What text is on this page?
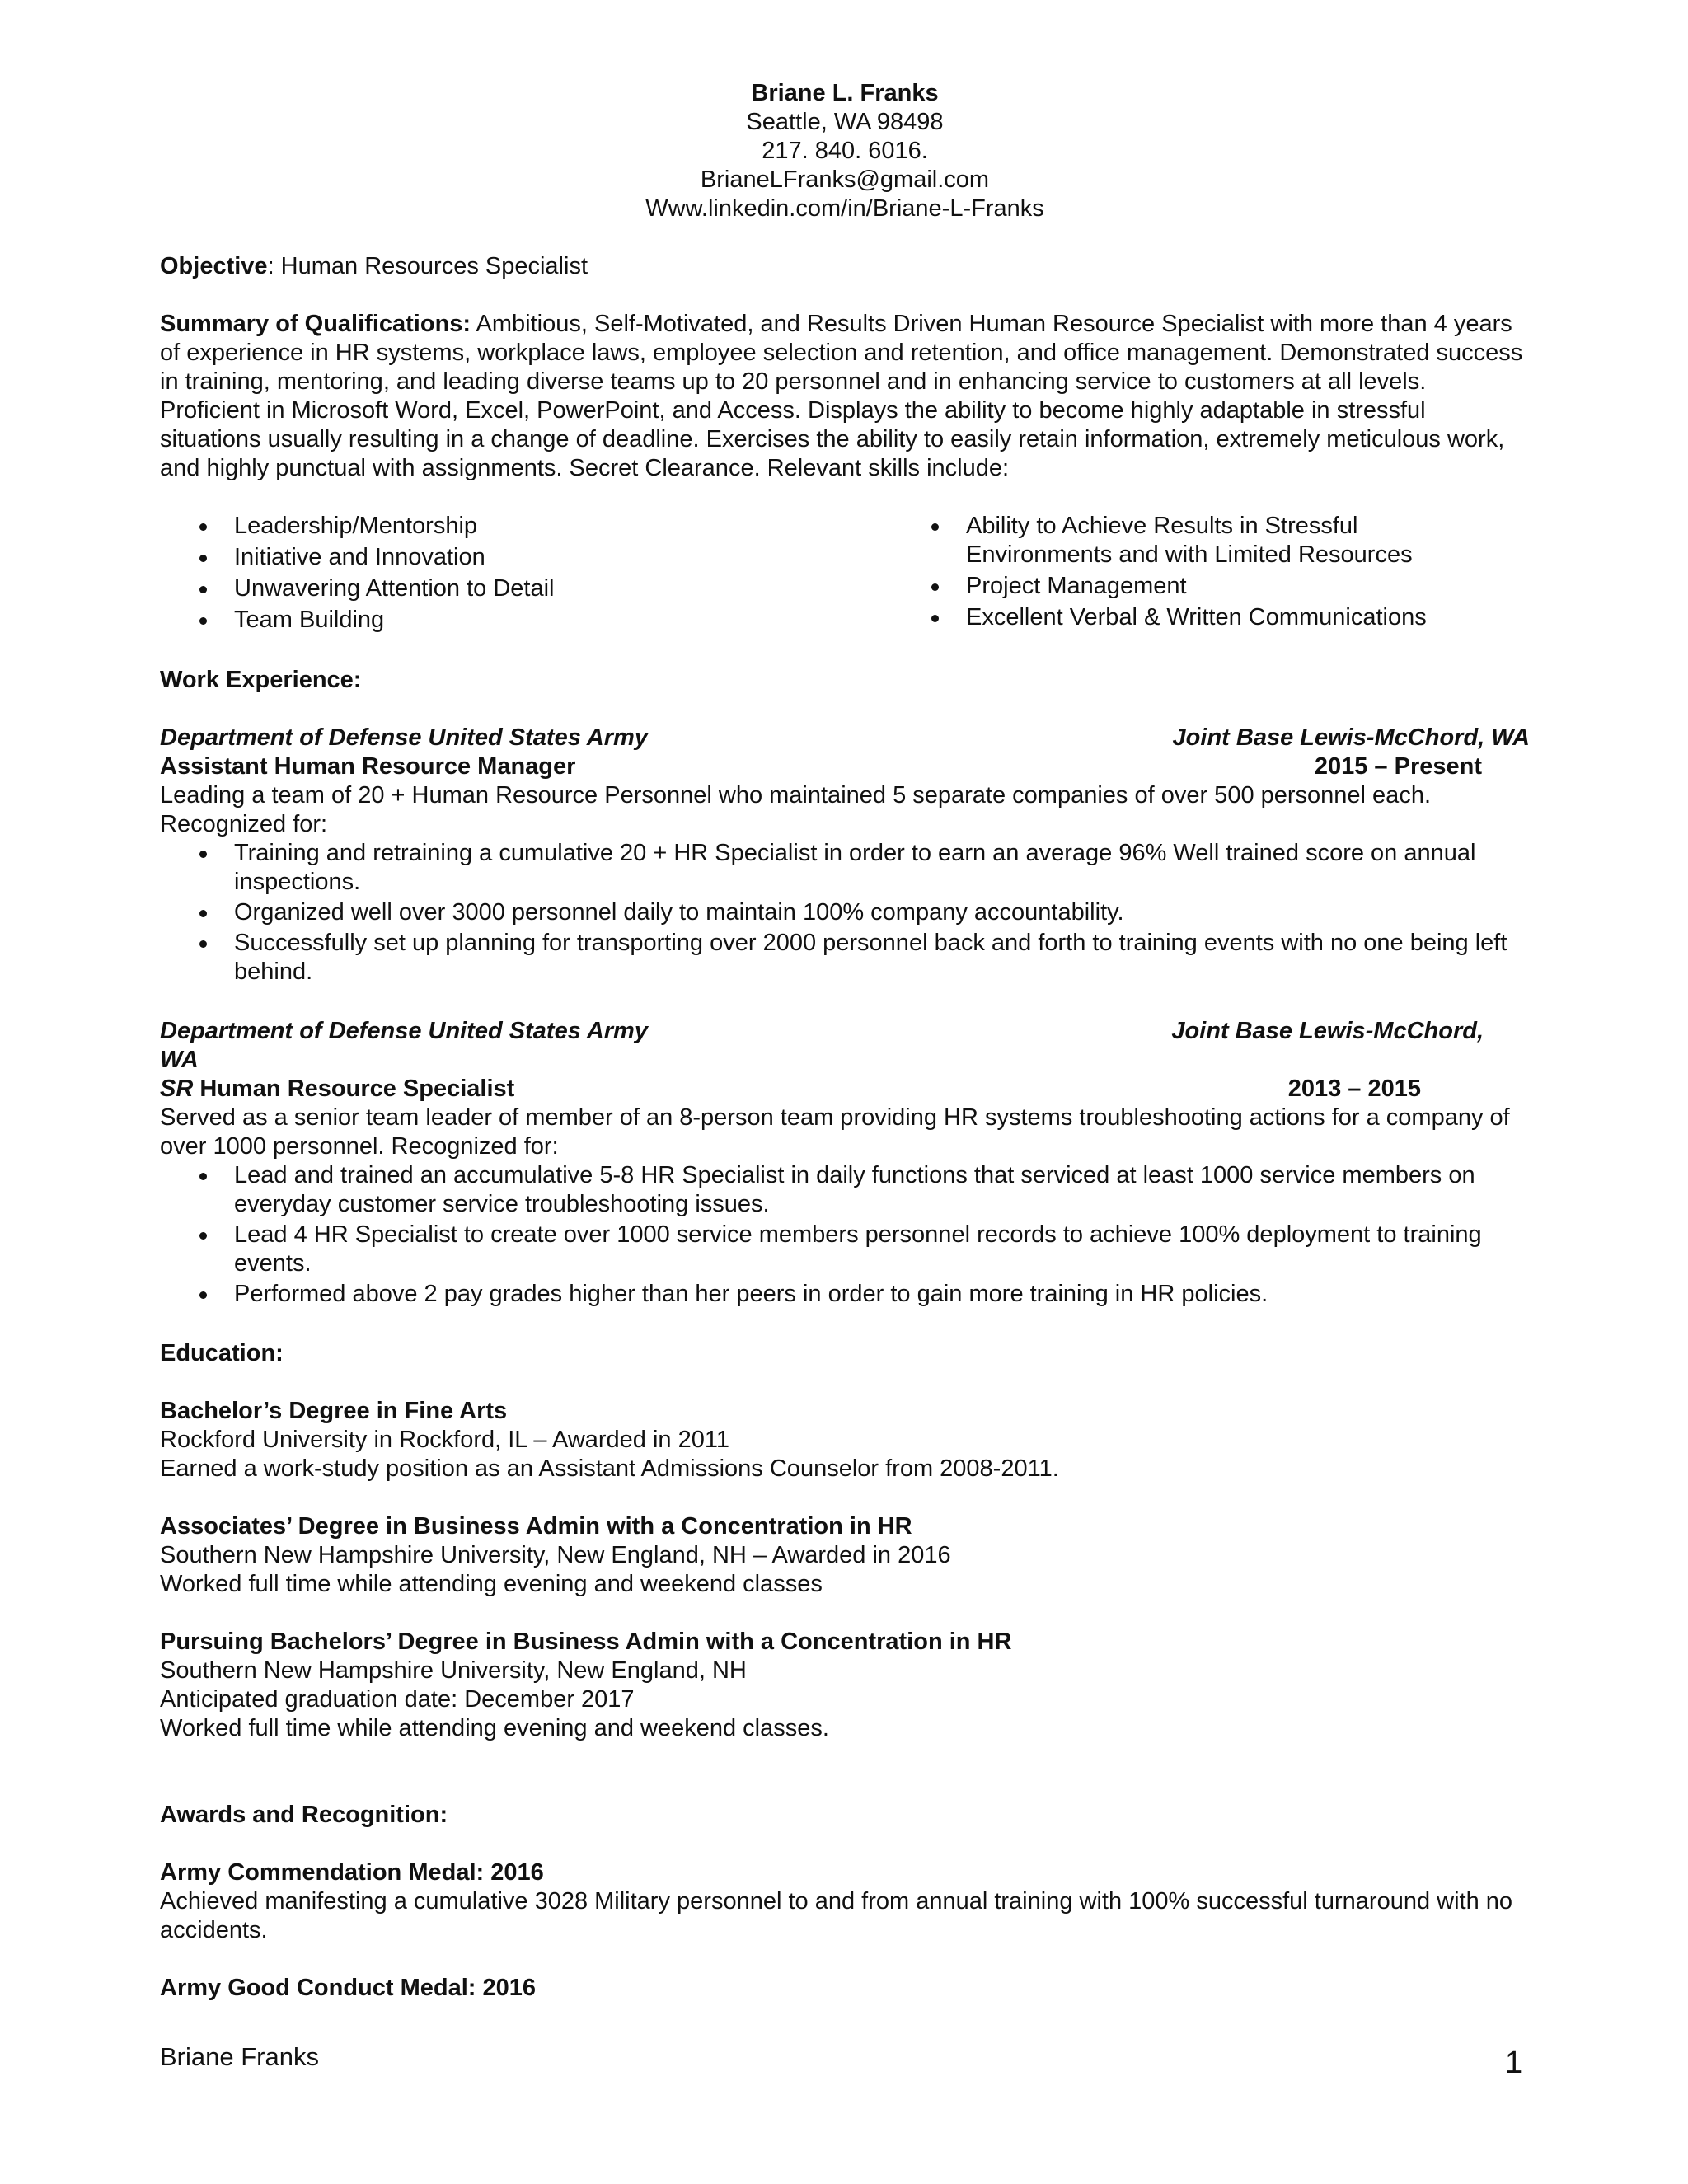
Briane L. Franks

Seattle, WA 98498

217. 840. 6016.

BrianeLFranks@gmail.com

Www.linkedin.com/in/Briane-L-Franks

Objective: Human Resources Specialist

Summary of Qualifications: Ambitious, Self-Motivated, and Results Driven Human Resource Specialist with more than 4 years of experience in HR systems, workplace laws, employee selection and retention, and office management. Demonstrated success in training, mentoring, and leading diverse teams up to 20 personnel and in enhancing service to customers at all levels. Proficient in Microsoft Word, Excel, PowerPoint, and Access. Displays the ability to become highly adaptable in stressful situations usually resulting in a change of deadline. Exercises the ability to easily retain information, extremely meticulous work, and highly punctual with assignments. Secret Clearance. Relevant skills include:

Leadership/Mentorship
Initiative and Innovation
Unwavering Attention to Detail
Team Building
Ability to Achieve Results in Stressful Environments and with Limited Resources
Project Management
Excellent Verbal & Written Communications

Work Experience:

Department of Defense United States Army	Joint Base Lewis-McChord, WA
Assistant Human Resource Manager	2015 – Present

Leading a team of 20 + Human Resource Personnel who maintained 5 separate companies of over 500 personnel each. Recognized for:

Training and retraining a cumulative 20 + HR Specialist in order to earn an average 96% Well trained score on annual inspections.
Organized well over 3000 personnel daily to maintain 100% company accountability.
Successfully set up planning for transporting over 2000 personnel back and forth to training events with no one being left behind.
Department of Defense United States Army	Joint Base Lewis-McChord,

WA

SR Human Resource Specialist	2013 – 2015

Served as a senior team leader of member of an 8-person team providing HR systems troubleshooting actions for a company of over 1000 personnel. Recognized for:

Lead and trained an accumulative 5-8 HR Specialist in daily functions that serviced at least 1000 service members on everyday customer service troubleshooting issues.
Lead 4 HR Specialist to create over 1000 service members personnel records to achieve 100% deployment to training events.
Performed above 2 pay grades higher than her peers in order to gain more training in HR policies.

Education:

Bachelor’s Degree in Fine Arts

Rockford University in Rockford, IL – Awarded in 2011

Earned a work-study position as an Assistant Admissions Counselor from 2008-2011.

Associates’ Degree in Business Admin with a Concentration in HR

Southern New Hampshire University, New England, NH – Awarded in 2016

Worked full time while attending evening and weekend classes

Pursuing Bachelors’ Degree in Business Admin with a Concentration in HR

Southern New Hampshire University, New England, NH

Anticipated graduation date: December 2017

Worked full time while attending evening and weekend classes.

Awards and Recognition:

Army Commendation Medal: 2016

Achieved manifesting a cumulative 3028 Military personnel to and from annual training with 100% successful turnaround with no accidents.

Army Good Conduct Medal: 2016

Briane Franks	1
